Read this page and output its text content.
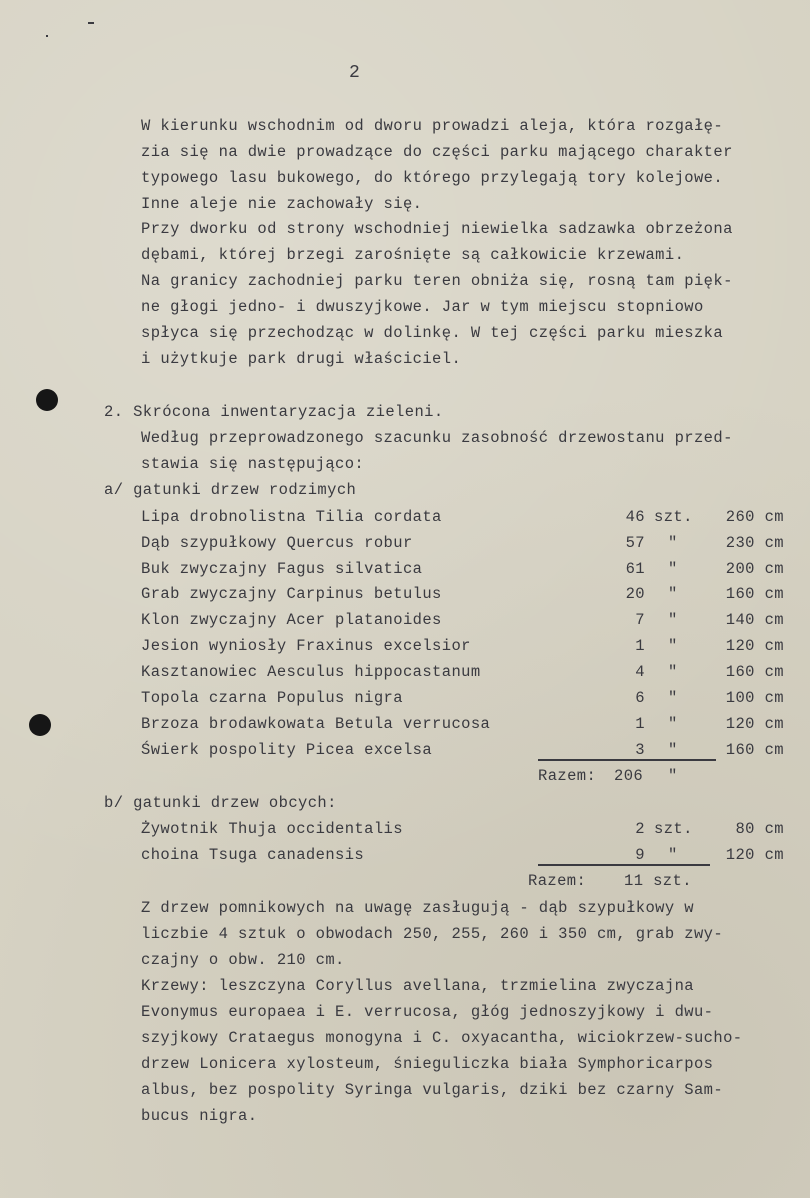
2
W kierunku wschodnim od dworu prowadzi aleja, która rozgałę-
zia się na dwie prowadzące do części parku mającego charakter
typowego lasu bukowego, do którego przylegają tory kolejowe.
Inne aleje nie zachowały się.
Przy dworku od strony wschodniej niewielka sadzawka obrzeżona
dębami, której brzegi zarośnięte są całkowicie krzewami.
Na granicy zachodniej parku teren obniża się, rosną tam pięk-
ne głogi jedno- i dwuszyjkowe. Jar w tym miejscu stopniowo
spłyca się przechodząc w dolinkę. W tej części parku mieszka
i użytkuje park drugi właściciel.
2. Skrócona inwentaryzacja zieleni.
Według przeprowadzonego szacunku zasobność drzewostanu przed-
stawia się następująco:
a/ gatunki drzew rodzimych
Lipa drobnolistna Tilia cordata	46 szt.	260 cm
Dąb szypułkowy Quercus robur	57 "	230 cm
Buk zwyczajny Fagus silvatica	61 "	200 cm
Grab zwyczajny Carpinus betulus	20 "	160 cm
Klon zwyczajny Acer platanoides	7 "	140 cm
Jesion wyniosły Fraxinus excelsior	1 "	120 cm
Kasztanowiec Aesculus hippocastanum	4 "	160 cm
Topola czarna Populus nigra	6 "	100 cm
Brzoza brodawkowata Betula verrucosa	1 "	120 cm
Świerk pospolity Picea excelsa	3 "	160 cm
Razem: 206 "
b/ gatunki drzew obcych:
Żywotnik Thuja occidentalis	2 szt.	80 cm
choina Tsuga canadensis	9 "	120 cm
Razem: 11 szt.
Z drzew pomnikowych na uwagę zasługują - dąb szypułkowy w
liczbie 4 sztuk o obwodach 250, 255, 260 i 350 cm, grab zwy-
czajny o obw. 210 cm.
Krzewy: leszczyna Coryllus avellana, trzmielina zwyczajna
Evonymus europaea i E. verrucosa, głóg jednoszyjkowy i dwu-
szyjkowy Crataegus monogyna i C. oxyacantha, wiciokrzew-sucho-
drzew Lonicera xylosteum, śnieguliczka biała Symphoricarpos
albus, bez pospolity Syringa vulgaris, dziki bez czarny Sam-
bucus nigra.
